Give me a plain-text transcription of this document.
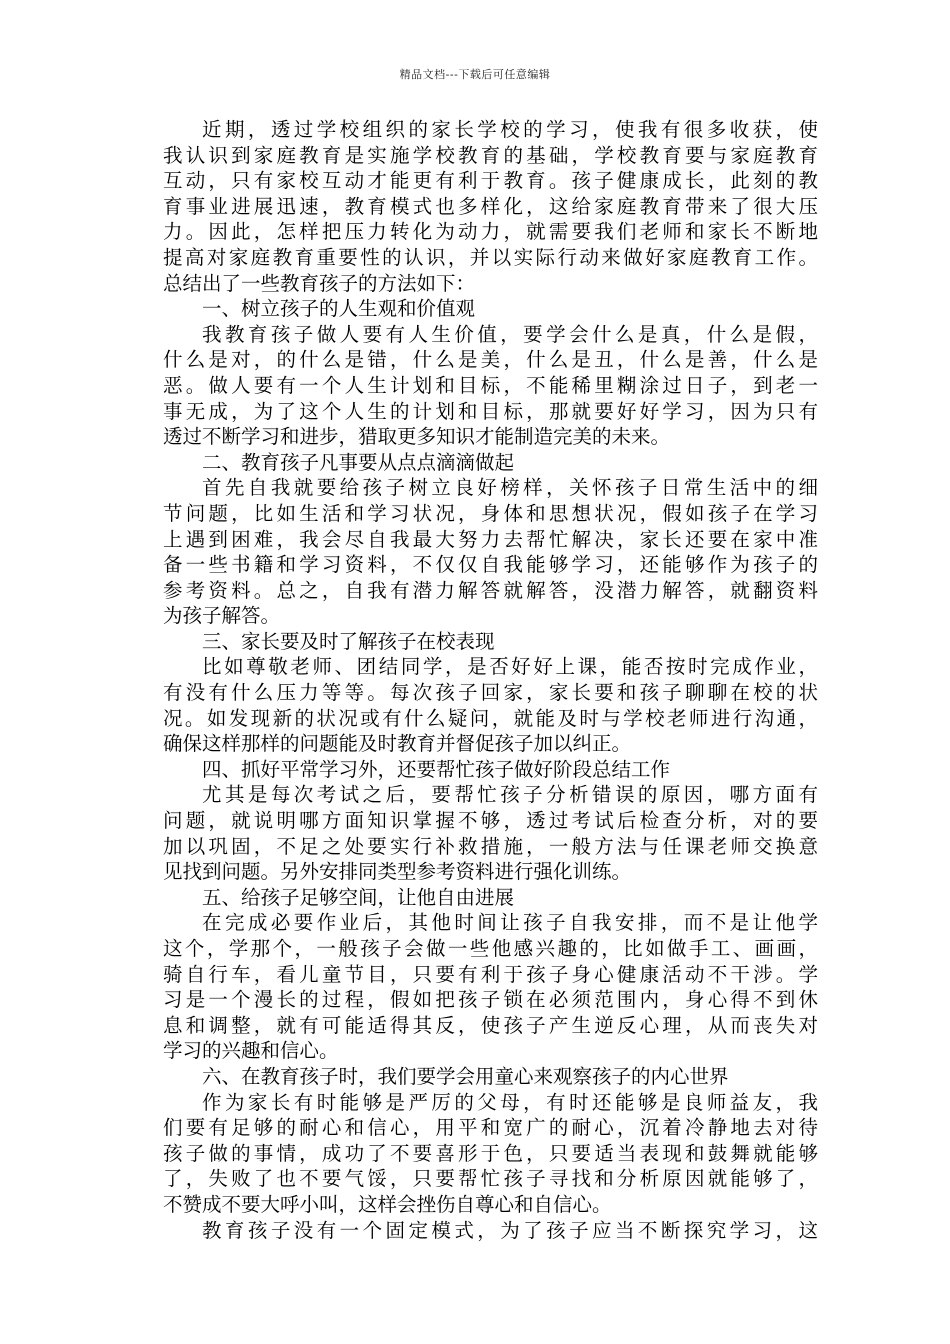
精品文档---下载后可任意编辑
近期，透过学校组织的家长学校的学习，使我有很多收获，使
我认识到家庭教育是实施学校教育的基础，学校教育要与家庭教育
互动，只有家校互动才能更有利于教育。孩子健康成长，此刻的教
育事业进展迅速，教育模式也多样化，这给家庭教育带来了很大压
力。因此，怎样把压力转化为动力，就需要我们老师和家长不断地
提高对家庭教育重要性的认识，并以实际行动来做好家庭教育工作。
总结出了一些教育孩子的方法如下：
一、树立孩子的人生观和价值观
我教育孩子做人要有人生价值，要学会什么是真，什么是假，
什么是对，的什么是错，什么是美，什么是丑，什么是善，什么是
恶。做人要有一个人生计划和目标，不能稀里糊涂过日子，到老一
事无成，为了这个人生的计划和目标，那就要好好学习，因为只有
透过不断学习和进步，猎取更多知识才能制造完美的未来。
二、教育孩子凡事要从点点滴滴做起
首先自我就要给孩子树立良好榜样，关怀孩子日常生活中的细
节问题，比如生活和学习状况，身体和思想状况，假如孩子在学习
上遇到困难，我会尽自我最大努力去帮忙解决，家长还要在家中准
备一些书籍和学习资料，不仅仅自我能够学习，还能够作为孩子的
参考资料。总之，自我有潜力解答就解答，没潜力解答，就翻资料
为孩子解答。
三、家长要及时了解孩子在校表现
比如尊敬老师、团结同学，是否好好上课，能否按时完成作业，
有没有什么压力等等。每次孩子回家，家长要和孩子聊聊在校的状
况。如发现新的状况或有什么疑问，就能及时与学校老师进行沟通，
确保这样那样的问题能及时教育并督促孩子加以纠正。
四、抓好平常学习外，还要帮忙孩子做好阶段总结工作
尤其是每次考试之后，要帮忙孩子分析错误的原因，哪方面有
问题，就说明哪方面知识掌握不够，透过考试后检查分析，对的要
加以巩固，不足之处要实行补救措施，一般方法与任课老师交换意
见找到问题。另外安排同类型参考资料进行强化训练。
五、给孩子足够空间，让他自由进展
在完成必要作业后，其他时间让孩子自我安排，而不是让他学
这个，学那个，一般孩子会做一些他感兴趣的，比如做手工、画画，
骑自行车，看儿童节目，只要有利于孩子身心健康活动不干涉。学
习是一个漫长的过程，假如把孩子锁在必须范围内，身心得不到休
息和调整，就有可能适得其反，使孩子产生逆反心理，从而丧失对
学习的兴趣和信心。
六、在教育孩子时，我们要学会用童心来观察孩子的内心世界
作为家长有时能够是严厉的父母，有时还能够是良师益友，我
们要有足够的耐心和信心，用平和宽广的耐心，沉着冷静地去对待
孩子做的事情，成功了不要喜形于色，只要适当表现和鼓舞就能够
了，失败了也不要气馁，只要帮忙孩子寻找和分析原因就能够了，
不赞成不要大呼小叫，这样会挫伤自尊心和自信心。
教育孩子没有一个固定模式，为了孩子应当不断探究学习，这
